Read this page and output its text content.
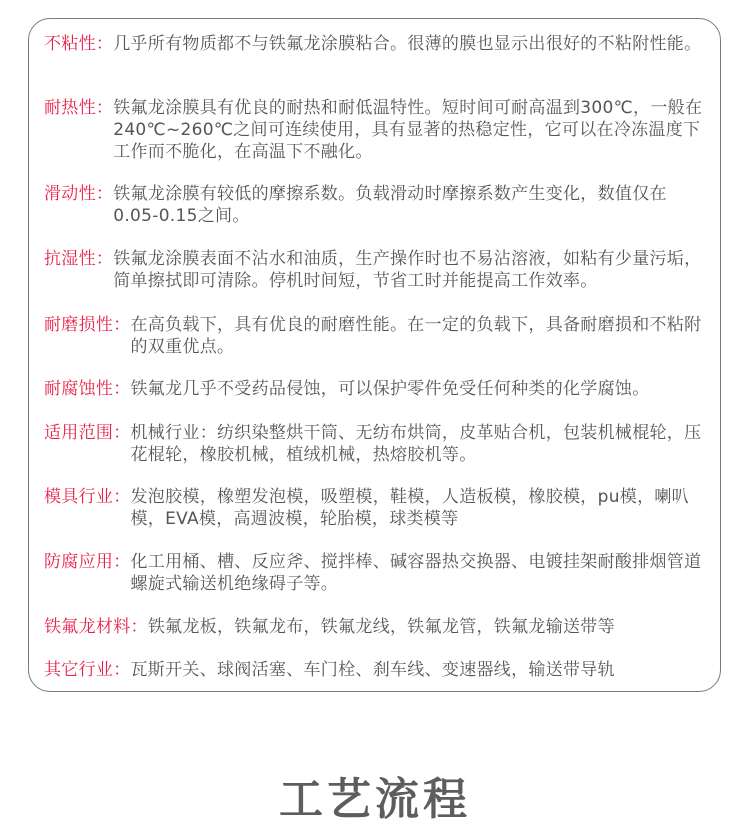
不粘性： 几乎所有物质都不与铁氟龙涂膜粘合。很薄的膜也显示出很好的不粘附性能。
耐热性： 铁氟龙涂膜具有优良的耐热和耐低温特性。短时间可耐高温到300℃，一般在240℃~260℃之间可连续使用，具有显著的热稳定性，它可以在冷冻温度下工作而不脆化，在高温下不融化。
滑动性： 铁氟龙涂膜有较低的摩擦系数。负载滑动时摩擦系数产生变化，数值仅在0.05-0.15之间。
抗湿性： 铁氟龙涂膜表面不沾水和油质，生产操作时也不易沾溶液，如粘有少量污垢，简单擦拭即可清除。停机时间短，节省工时并能提高工作效率。
耐磨损性： 在高负载下，具有优良的耐磨性能。在一定的负载下，具备耐磨损和不粘附的双重优点。
耐腐蚀性： 铁氟龙几乎不受药品侵蚀，可以保护零件免受任何种类的化学腐蚀。
适用范围： 机械行业：纺织染整烘干筒、无纺布烘筒，皮革贴合机，包装机械棍轮，压花棍轮，橡胶机械，植绒机械，热熔胶机等。
模具行业： 发泡胶模，橡塑发泡模，吸塑模，鞋模，人造板模，橡胶模，pu模，喇叭模，EVA模，高週波模，轮胎模，球类模等
防腐应用： 化工用桶、槽、反应斧、搅拌棒、碱容器热交换器、电镀挂架耐酸排烟管道螺旋式输送机绝缘碍子等。
铁氟龙材料： 铁氟龙板，铁氟龙布，铁氟龙线，铁氟龙管，铁氟龙输送带等
其它行业： 瓦斯开关、球阀活塞、车门栓、刹车线、变速器线，输送带导轨
工艺流程
